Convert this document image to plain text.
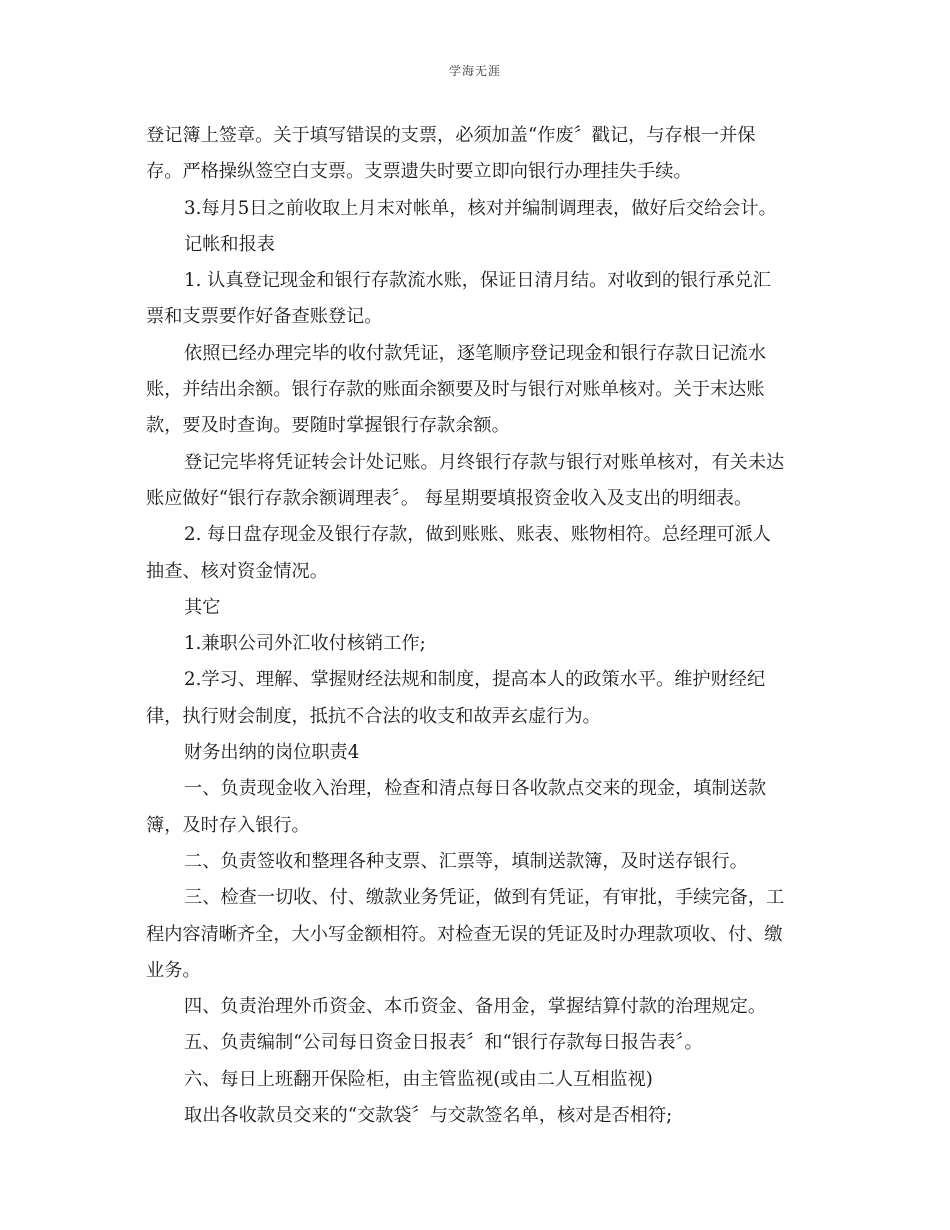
学海无涯
登记簿上签章。关于填写错误的支票，必须加盖“作废〞戳记，与存根一并保
存。严格操纵签空白支票。支票遗失时要立即向银行办理挂失手续。
3.每月5日之前收取上月末对帐单，核对并编制调理表，做好后交给会计。
记帐和报表
1. 认真登记现金和银行存款流水账，保证日清月结。对收到的银行承兑汇
票和支票要作好备查账登记。
依照已经办理完毕的收付款凭证，逐笔顺序登记现金和银行存款日记流水
账，并结出余额。银行存款的账面余额要及时与银行对账单核对。关于末达账
款，要及时查询。要随时掌握银行存款余额。
登记完毕将凭证转会计处记账。月终银行存款与银行对账单核对，有关未达
账应做好“银行存款余额调理表〞。 每星期要填报资金收入及支出的明细表。
2. 每日盘存现金及银行存款，做到账账、账表、账物相符。总经理可派人
抽查、核对资金情况。
其它
1.兼职公司外汇收付核销工作;
2.学习、理解、掌握财经法规和制度，提高本人的政策水平。维护财经纪
律，执行财会制度，抵抗不合法的收支和故弄玄虚行为。
财务出纳的岗位职责4
一、负责现金收入治理，检查和清点每日各收款点交来的现金，填制送款
簿，及时存入银行。
二、负责签收和整理各种支票、汇票等，填制送款簿，及时送存银行。
三、检查一切收、付、缴款业务凭证，做到有凭证，有审批，手续完备，工
程内容清晰齐全，大小写金额相符。对检查无误的凭证及时办理款项收、付、缴
业务。
四、负责治理外币资金、本币资金、备用金，掌握结算付款的治理规定。
五、负责编制“公司每日资金日报表〞和“银行存款每日报告表〞。
六、每日上班翻开保险柜，由主管监视(或由二人互相监视)
取出各收款员交来的“交款袋〞与交款签名单，核对是否相符;
